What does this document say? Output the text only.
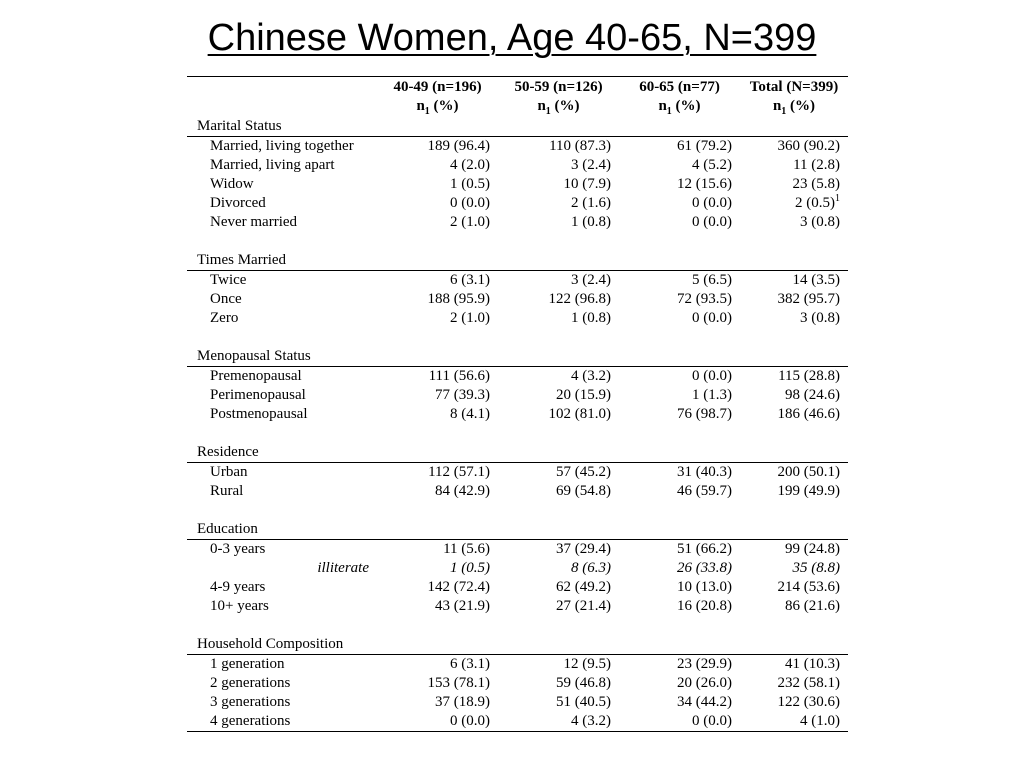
Chinese Women, Age 40-65, N=399
	40-49 (n=196)	50-59 (n=126)	60-65 (n=77)	Total (N=399)
	$n_1$ (%)	$n_1$ (%)	$n_1$ (%)	$n_1$ (%)
Marital Status				
Married, living together	189 (96.4)	110 (87.3)	61 (79.2)	360 (90.2)
Married, living apart	4 (2.0)	3 (2.4)	4 (5.2)	11 (2.8)
Widow	1 (0.5)	10 (7.9)	12 (15.6)	23 (5.8)
Divorced	0 (0.0)	2 (1.6)	0 (0.0)	2 $(0.5)^1$
Never married	2 (1.0)	1 (0.8)	0 (0.0)	3 (0.8)

Times Married				
Twice	6 (3.1)	3 (2.4)	5 (6.5)	14 (3.5)
Once	188 (95.9)	122 (96.8)	72 (93.5)	382 (95.7)
Zero	2 (1.0)	1 (0.8)	0 (0.0)	3 (0.8)

Menopausal Status				
Premenopausal	111 (56.6)	4 (3.2)	0 (0.0)	115 (28.8)
Perimenopausal	77 (39.3)	20 (15.9)	1 (1.3)	98 (24.6)
Postmenopausal	8 (4.1)	102 (81.0)	76 (98.7)	186 (46.6)

Residence				
Urban	112 (57.1)	57 (45.2)	31 (40.3)	200 (50.1)
Rural	84 (42.9)	69 (54.8)	46 (59.7)	199 (49.9)

Education				
0-3 years	11 (5.6)	37 (29.4)	51 (66.2)	99 (24.8)
illiterate	1 (0.5)	8 (6.3)	26 (33.8)	35 (8.8)
4-9 years	142 (72.4)	62 (49.2)	10 (13.0)	214 (53.6)
10+ years	43 (21.9)	27 (21.4)	16 (20.8)	86 (21.6)

Household Composition				
1 generation	6 (3.1)	12 (9.5)	23 (29.9)	41 (10.3)
2 generations	153 (78.1)	59 (46.8)	20 (26.0)	232 (58.1)
3 generations	37 (18.9)	51 (40.5)	34 (44.2)	122 (30.6)
4 generations	0 (0.0)	4 (3.2)	0 (0.0)	4 (1.0)
